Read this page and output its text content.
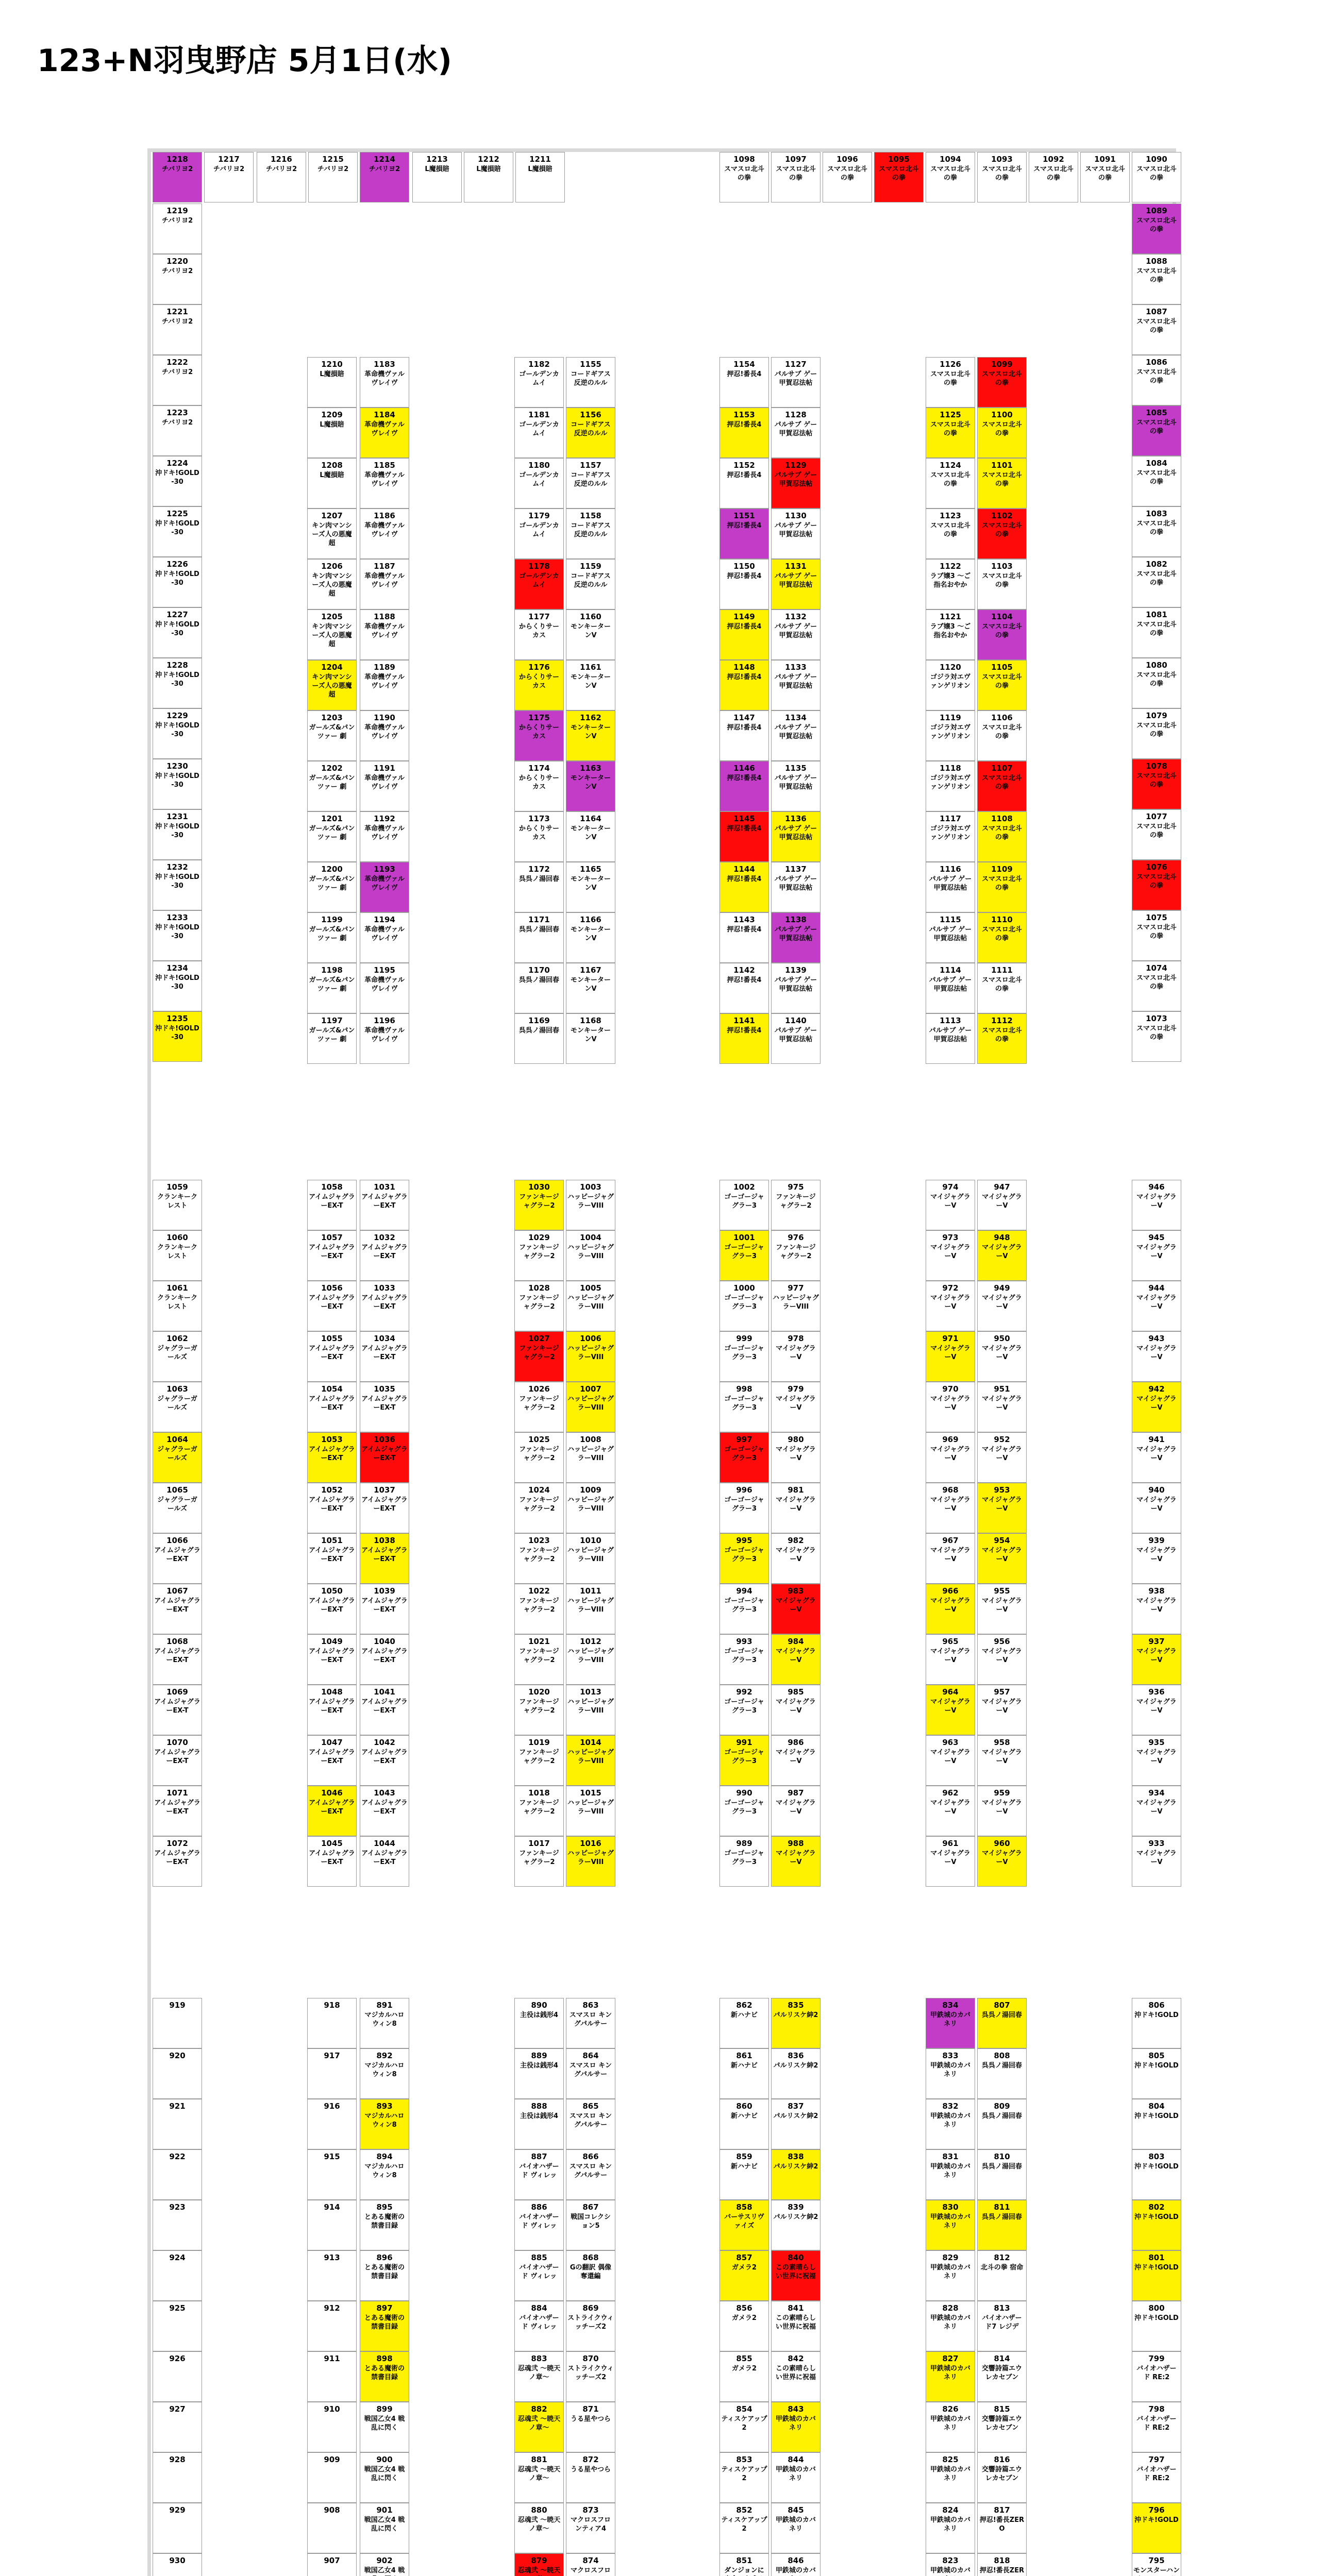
123+N羽曳野店 5月1日(水)
1218
チバリヨ2
1217
チバリヨ2
1216
チバリヨ2
1215
チバリヨ2
1214
チバリヨ2
1213
L魔損賠
1212
L魔損賠
1211
L魔損賠
1098
スマスロ北斗の拳
1097
スマスロ北斗の拳
1096
スマスロ北斗の拳
1095
スマスロ北斗の拳
1094
スマスロ北斗の拳
1093
スマスロ北斗の拳
1092
スマスロ北斗の拳
1091
スマスロ北斗の拳
1090
スマスロ北斗の拳
1219
チバリヨ2
1220
チバリヨ2
1221
チバリヨ2
1222
チバリヨ2
1223
チバリヨ2
1224
沖ドキ!GOLD-30
1225
沖ドキ!GOLD-30
1226
沖ドキ!GOLD-30
1227
沖ドキ!GOLD-30
1228
沖ドキ!GOLD-30
1229
沖ドキ!GOLD-30
1230
沖ドキ!GOLD-30
1231
沖ドキ!GOLD-30
1232
沖ドキ!GOLD-30
1233
沖ドキ!GOLD-30
1234
沖ドキ!GOLD-30
1235
沖ドキ!GOLD-30
1210
L魔損賠
1209
L魔損賠
1208
L魔損賠
1207
キン肉マンシーズ人の悪魔超
1206
キン肉マンシーズ人の悪魔超
1205
キン肉マンシーズ人の悪魔超
1204
キン肉マンシーズ人の悪魔超
1203
ガールズ&パンツァー 劇
1202
ガールズ&パンツァー 劇
1201
ガールズ&パンツァー 劇
1200
ガールズ&パンツァー 劇
1199
ガールズ&パンツァー 劇
1198
ガールズ&パンツァー 劇
1197
ガールズ&パンツァー 劇
1183
革命機ヴァルヴレイヴ
1184
革命機ヴァルヴレイヴ
1185
革命機ヴァルヴレイヴ
1186
革命機ヴァルヴレイヴ
1187
革命機ヴァルヴレイヴ
1188
革命機ヴァルヴレイヴ
1189
革命機ヴァルヴレイヴ
1190
革命機ヴァルヴレイヴ
1191
革命機ヴァルヴレイヴ
1192
革命機ヴァルヴレイヴ
1193
革命機ヴァルヴレイヴ
1194
革命機ヴァルヴレイヴ
1195
革命機ヴァルヴレイヴ
1196
革命機ヴァルヴレイヴ
1182
ゴールデンカムイ
1181
ゴールデンカムイ
1180
ゴールデンカムイ
1179
ゴールデンカムイ
1178
ゴールデンカムイ
1177
からくりサーカス
1176
からくりサーカス
1175
からくりサーカス
1174
からくりサーカス
1173
からくりサーカス
1172
呉呉ノ湯回春
1171
呉呉ノ湯回春
1170
呉呉ノ湯回春
1169
呉呉ノ湯回春
1155
コードギアス 反逆のルル
1156
コードギアス 反逆のルル
1157
コードギアス 反逆のルル
1158
コードギアス 反逆のルル
1159
コードギアス 反逆のルル
1160
モンキーターンV
1161
モンキーターンV
1162
モンキーターンV
1163
モンキーターンV
1164
モンキーターンV
1165
モンキーターンV
1166
モンキーターンV
1167
モンキーターンV
1168
モンキーターンV
1154
押忍!番長4
1153
押忍!番長4
1152
押忍!番長4
1151
押忍!番長4
1150
押忍!番長4
1149
押忍!番長4
1148
押忍!番長4
1147
押忍!番長4
1146
押忍!番長4
1145
押忍!番長4
1144
押忍!番長4
1143
押忍!番長4
1142
押忍!番長4
1141
押忍!番長4
1127
パルサブ ゲー甲賀忍法帖
1128
パルサブ ゲー甲賀忍法帖
1129
パルサブ ゲー甲賀忍法帖
1130
パルサブ ゲー甲賀忍法帖
1131
パルサブ ゲー甲賀忍法帖
1132
パルサブ ゲー甲賀忍法帖
1133
パルサブ ゲー甲賀忍法帖
1134
パルサブ ゲー甲賀忍法帖
1135
パルサブ ゲー甲賀忍法帖
1136
パルサブ ゲー甲賀忍法帖
1137
パルサブ ゲー甲賀忍法帖
1138
パルサブ ゲー甲賀忍法帖
1139
パルサブ ゲー甲賀忍法帖
1140
パルサブ ゲー甲賀忍法帖
1126
スマスロ北斗の拳
1125
スマスロ北斗の拳
1124
スマスロ北斗の拳
1123
スマスロ北斗の拳
1122
ラブ嬢3 ～ご指名おやか
1121
ラブ嬢3 ～ご指名おやか
1120
ゴジラ対エヴァンゲリオン
1119
ゴジラ対エヴァンゲリオン
1118
ゴジラ対エヴァンゲリオン
1117
ゴジラ対エヴァンゲリオン
1116
パルサブ ゲー甲賀忍法帖
1115
パルサブ ゲー甲賀忍法帖
1114
パルサブ ゲー甲賀忍法帖
1113
パルサブ ゲー甲賀忍法帖
1099
スマスロ北斗の拳
1100
スマスロ北斗の拳
1101
スマスロ北斗の拳
1102
スマスロ北斗の拳
1103
スマスロ北斗の拳
1104
スマスロ北斗の拳
1105
スマスロ北斗の拳
1106
スマスロ北斗の拳
1107
スマスロ北斗の拳
1108
スマスロ北斗の拳
1109
スマスロ北斗の拳
1110
スマスロ北斗の拳
1111
スマスロ北斗の拳
1112
スマスロ北斗の拳
1089
スマスロ北斗の拳
1088
スマスロ北斗の拳
1087
スマスロ北斗の拳
1086
スマスロ北斗の拳
1085
スマスロ北斗の拳
1084
スマスロ北斗の拳
1083
スマスロ北斗の拳
1082
スマスロ北斗の拳
1081
スマスロ北斗の拳
1080
スマスロ北斗の拳
1079
スマスロ北斗の拳
1078
スマスロ北斗の拳
1077
スマスロ北斗の拳
1076
スマスロ北斗の拳
1075
スマスロ北斗の拳
1074
スマスロ北斗の拳
1073
スマスロ北斗の拳
1059
クランキークレスト
1060
クランキークレスト
1061
クランキークレスト
1062
ジャグラーガールズ
1063
ジャグラーガールズ
1064
ジャグラーガールズ
1065
ジャグラーガールズ
1066
アイムジャグラーEX-T
1067
アイムジャグラーEX-T
1068
アイムジャグラーEX-T
1069
アイムジャグラーEX-T
1070
アイムジャグラーEX-T
1071
アイムジャグラーEX-T
1072
アイムジャグラーEX-T
1058
アイムジャグラーEX-T
1057
アイムジャグラーEX-T
1056
アイムジャグラーEX-T
1055
アイムジャグラーEX-T
1054
アイムジャグラーEX-T
1053
アイムジャグラーEX-T
1052
アイムジャグラーEX-T
1051
アイムジャグラーEX-T
1050
アイムジャグラーEX-T
1049
アイムジャグラーEX-T
1048
アイムジャグラーEX-T
1047
アイムジャグラーEX-T
1046
アイムジャグラーEX-T
1045
アイムジャグラーEX-T
1031
アイムジャグラーEX-T
1032
アイムジャグラーEX-T
1033
アイムジャグラーEX-T
1034
アイムジャグラーEX-T
1035
アイムジャグラーEX-T
1036
アイムジャグラーEX-T
1037
アイムジャグラーEX-T
1038
アイムジャグラーEX-T
1039
アイムジャグラーEX-T
1040
アイムジャグラーEX-T
1041
アイムジャグラーEX-T
1042
アイムジャグラーEX-T
1043
アイムジャグラーEX-T
1044
アイムジャグラーEX-T
1030
ファンキージャグラー2
1029
ファンキージャグラー2
1028
ファンキージャグラー2
1027
ファンキージャグラー2
1026
ファンキージャグラー2
1025
ファンキージャグラー2
1024
ファンキージャグラー2
1023
ファンキージャグラー2
1022
ファンキージャグラー2
1021
ファンキージャグラー2
1020
ファンキージャグラー2
1019
ファンキージャグラー2
1018
ファンキージャグラー2
1017
ファンキージャグラー2
1003
ハッピージャグラーVIII
1004
ハッピージャグラーVIII
1005
ハッピージャグラーVIII
1006
ハッピージャグラーVIII
1007
ハッピージャグラーVIII
1008
ハッピージャグラーVIII
1009
ハッピージャグラーVIII
1010
ハッピージャグラーVIII
1011
ハッピージャグラーVIII
1012
ハッピージャグラーVIII
1013
ハッピージャグラーVIII
1014
ハッピージャグラーVIII
1015
ハッピージャグラーVIII
1016
ハッピージャグラーVIII
1002
ゴーゴージャグラー3
1001
ゴーゴージャグラー3
1000
ゴーゴージャグラー3
999
ゴーゴージャグラー3
998
ゴーゴージャグラー3
997
ゴーゴージャグラー3
996
ゴーゴージャグラー3
995
ゴーゴージャグラー3
994
ゴーゴージャグラー3
993
ゴーゴージャグラー3
992
ゴーゴージャグラー3
991
ゴーゴージャグラー3
990
ゴーゴージャグラー3
989
ゴーゴージャグラー3
975
ファンキージャグラー2
976
ファンキージャグラー2
977
ハッピージャグラーVIII
978
マイジャグラーV
979
マイジャグラーV
980
マイジャグラーV
981
マイジャグラーV
982
マイジャグラーV
983
マイジャグラーV
984
マイジャグラーV
985
マイジャグラーV
986
マイジャグラーV
987
マイジャグラーV
988
マイジャグラーV
974
マイジャグラーV
973
マイジャグラーV
972
マイジャグラーV
971
マイジャグラーV
970
マイジャグラーV
969
マイジャグラーV
968
マイジャグラーV
967
マイジャグラーV
966
マイジャグラーV
965
マイジャグラーV
964
マイジャグラーV
963
マイジャグラーV
962
マイジャグラーV
961
マイジャグラーV
947
マイジャグラーV
948
マイジャグラーV
949
マイジャグラーV
950
マイジャグラーV
951
マイジャグラーV
952
マイジャグラーV
953
マイジャグラーV
954
マイジャグラーV
955
マイジャグラーV
956
マイジャグラーV
957
マイジャグラーV
958
マイジャグラーV
959
マイジャグラーV
960
マイジャグラーV
946
マイジャグラーV
945
マイジャグラーV
944
マイジャグラーV
943
マイジャグラーV
942
マイジャグラーV
941
マイジャグラーV
940
マイジャグラーV
939
マイジャグラーV
938
マイジャグラーV
937
マイジャグラーV
936
マイジャグラーV
935
マイジャグラーV
934
マイジャグラーV
933
マイジャグラーV
919
920
921
922
923
924
925
926
927
928
929
930
918
917
916
915
914
913
912
911
910
909
908
907
891
マジカルハロウィン8
892
マジカルハロウィン8
893
マジカルハロウィン8
894
マジカルハロウィン8
895
とある魔術の禁書目録
896
とある魔術の禁書目録
897
とある魔術の禁書目録
898
とある魔術の禁書目録
899
戦国乙女4 戦乱に閃く
900
戦国乙女4 戦乱に閃く
901
戦国乙女4 戦乱に閃く
902
戦国乙女4 戦
890
主役は銭形4
889
主役は銭形4
888
主役は銭形4
887
バイオハザード ヴィレッ
886
バイオハザード ヴィレッ
885
バイオハザード ヴィレッ
884
バイオハザード ヴィレッ
883
忍魂弐 ～暁天ノ章～
882
忍魂弐 ～暁天ノ章～
881
忍魂弐 ～暁天ノ章～
880
忍魂弐 ～暁天ノ章～
879
忍魂弐 ～暁天
863
スマスロ キングパルサー
864
スマスロ キングパルサー
865
スマスロ キングパルサー
866
スマスロ キングパルサー
867
戦国コレクション5
868
Gの翻訳 偶像奪還編
869
ストライクウィッチーズ2
870
ストライクウィッチーズ2
871
うる星やつら
872
うる星やつら
873
マクロスフロンティア4
874
マクロスフロ
862
新ハナビ
861
新ハナビ
860
新ハナビ
859
新ハナビ
858
バーサスリヴァイズ
857
ガメラ2
856
ガメラ2
855
ガメラ2
854
ティスケアップ2
853
ティスケアップ2
852
ティスケアップ2
851
ダンジョンに
835
パルリスケ紳2
836
パルリスケ紳2
837
パルリスケ紳2
838
パルリスケ紳2
839
パルリスケ紳2
840
この素晴らしい世界に祝福
841
この素晴らしい世界に祝福
842
この素晴らしい世界に祝福
843
甲鉄城のカバネリ
844
甲鉄城のカバネリ
845
甲鉄城のカバネリ
846
甲鉄城のカバ
834
甲鉄城のカバネリ
833
甲鉄城のカバネリ
832
甲鉄城のカバネリ
831
甲鉄城のカバネリ
830
甲鉄城のカバネリ
829
甲鉄城のカバネリ
828
甲鉄城のカバネリ
827
甲鉄城のカバネリ
826
甲鉄城のカバネリ
825
甲鉄城のカバネリ
824
甲鉄城のカバネリ
823
甲鉄城のカバ
807
呉呉ノ湯回春
808
呉呉ノ湯回春
809
呉呉ノ湯回春
810
呉呉ノ湯回春
811
呉呉ノ湯回春
812
北斗の拳 宿命
813
バイオハザード7 レジデ
814
交響詩篇エウレカセブン
815
交響詩篇エウレカセブン
816
交響詩篇エウレカセブン
817
押忍!番長ZERO
818
押忍!番長ZER
806
沖ドキ!GOLD
805
沖ドキ!GOLD
804
沖ドキ!GOLD
803
沖ドキ!GOLD
802
沖ドキ!GOLD
801
沖ドキ!GOLD
800
沖ドキ!GOLD
799
バイオハザード RE:2
798
バイオハザード RE:2
797
バイオハザード RE:2
796
沖ドキ!GOLD
795
モンスターハン
